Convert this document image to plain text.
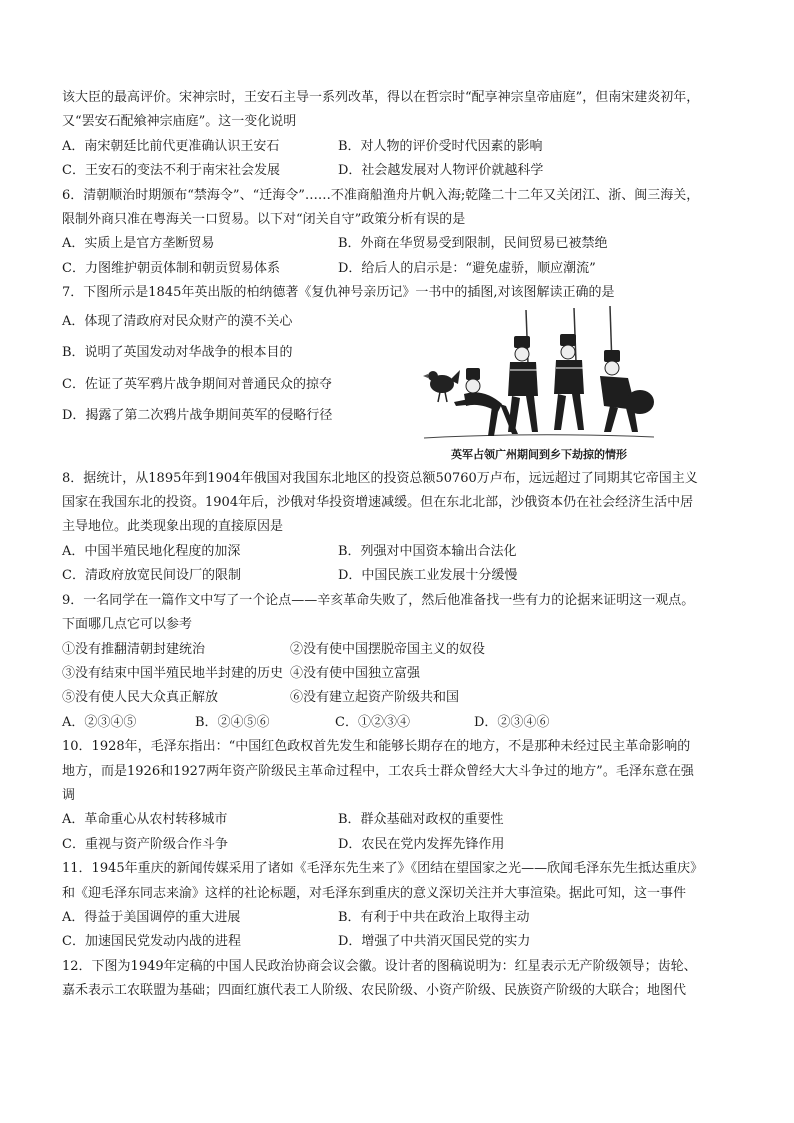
该大臣的最高评价。宋神宗时，王安石主导一系列改革，得以在哲宗时“配享神宗皇帝庙庭”，但南宋建炎初年，
又“罢安石配飨神宗庙庭”。这一变化说明
A．南宋朝廷比前代更准确认识王安石	B．对人物的评价受时代因素的影响
C．王安石的变法不利于南宋社会发展	D．社会越发展对人物评价就越科学
6．清朝顺治时期颁布“禁海令”、“迁海令”……不准商船渔舟片帆入海;乾隆二十二年又关闭江、浙、闽三海关，
限制外商只准在粤海关一口贸易。以下对“闭关自守”政策分析有误的是
A．实质上是官方垄断贸易	B．外商在华贸易受到限制，民间贸易已被禁绝
C．力图维护朝贡体制和朝贡贸易体系	D．给后人的启示是：“避免虚骄，顺应潮流”
7．下图所示是1845年英出版的柏纳德著《复仇神号亲历记》一书中的插图,对该图解读正确的是
A．体现了清政府对民众财产的漠不关心
B．说明了英国发动对华战争的根本目的
C．佐证了英军鸦片战争期间对普通民众的掠夺
D．揭露了第二次鸦片战争期间英军的侵略行径
英军占领广州期间到乡下劫掠的情形
8．据统计，从1895年到1904年俄国对我国东北地区的投资总额50760万卢布，远远超过了同期其它帝国主义
国家在我国东北的投资。1904年后，沙俄对华投资增速减缓。但在东北北部，沙俄资本仍在社会经济生活中居
主导地位。此类现象出现的直接原因是
A．中国半殖民地化程度的加深	B．列强对中国资本输出合法化
C．清政府放宽民间设厂的限制	D．中国民族工业发展十分缓慢
9．一名同学在一篇作文中写了一个论点——辛亥革命失败了，然后他准备找一些有力的论据来证明这一观点。
下面哪几点它可以参考
①没有推翻清朝封建统治	②没有使中国摆脱帝国主义的奴役
③没有结束中国半殖民地半封建的历史 ④没有使中国独立富强
⑤没有使人民大众真正解放	⑥没有建立起资产阶级共和国
A．②③④⑤	B．②④⑤⑥	C．①②③④	D．②③④⑥
10．1928年，毛泽东指出：“中国红色政权首先发生和能够长期存在的地方，不是那种未经过民主革命影响的
地方，而是1926和1927两年资产阶级民主革命过程中，工农兵士群众曾经大大斗争过的地方”。毛泽东意在强
调
A．革命重心从农村转移城市	B．群众基础对政权的重要性
C．重视与资产阶级合作斗争	D．农民在党内发挥先锋作用
11．1945年重庆的新闻传媒采用了诸如《毛泽东先生来了》《团结在望国家之光——欣闻毛泽东先生抵达重庆》
和《迎毛泽东同志来渝》这样的社论标题，对毛泽东到重庆的意义深切关注并大事渲染。据此可知，这一事件
A．得益于美国调停的重大进展	B．有利于中共在政治上取得主动
C．加速国民党发动内战的进程	D．增强了中共消灭国民党的实力
12．下图为1949年定稿的中国人民政治协商会议会徽。设计者的图稿说明为：红星表示无产阶级领导；齿轮、
嘉禾表示工农联盟为基础；四面红旗代表工人阶级、农民阶级、小资产阶级、民族资产阶级的大联合；地图代
